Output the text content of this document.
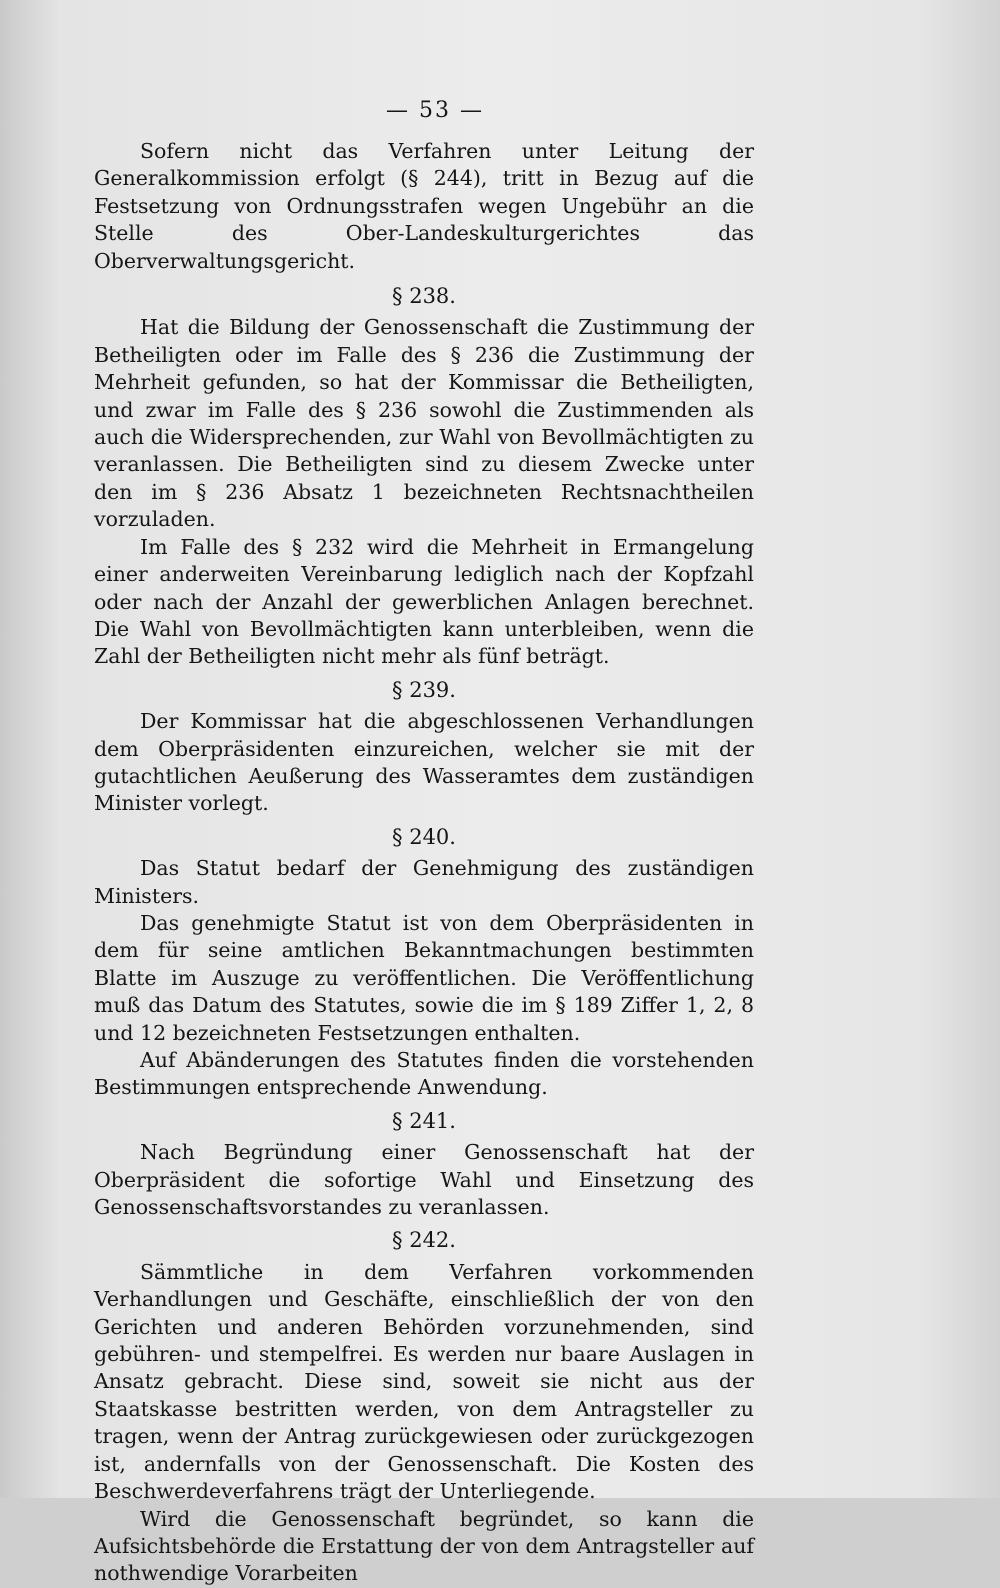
— 53 —

Sofern nicht das Verfahren unter Leitung der Generalkommission erfolgt (§ 244), tritt in Bezug auf die Festsetzung von Ordnungsstrafen wegen Ungebühr an die Stelle des Ober-Landeskulturgerichtes das Oberverwaltungsgericht.

§ 238.

Hat die Bildung der Genossenschaft die Zustimmung der Betheiligten oder im Falle des § 236 die Zustimmung der Mehrheit gefunden, so hat der Kommissar die Betheiligten, und zwar im Falle des § 236 sowohl die Zustimmenden als auch die Widersprechenden, zur Wahl von Bevollmächtigten zu veranlassen. Die Betheiligten sind zu diesem Zwecke unter den im § 236 Absatz 1 bezeichneten Rechtsnachtheilen vorzuladen.

Im Falle des § 232 wird die Mehrheit in Ermangelung einer anderweiten Vereinbarung lediglich nach der Kopfzahl oder nach der Anzahl der gewerblichen Anlagen berechnet. Die Wahl von Bevollmächtigten kann unterbleiben, wenn die Zahl der Betheiligten nicht mehr als fünf beträgt.

§ 239.

Der Kommissar hat die abgeschlossenen Verhandlungen dem Oberpräsidenten einzureichen, welcher sie mit der gutachtlichen Aeußerung des Wasseramtes dem zuständigen Minister vorlegt.

§ 240.

Das Statut bedarf der Genehmigung des zuständigen Ministers.

Das genehmigte Statut ist von dem Oberpräsidenten in dem für seine amtlichen Bekanntmachungen bestimmten Blatte im Auszuge zu veröffentlichen. Die Veröffentlichung muß das Datum des Statutes, sowie die im § 189 Ziffer 1, 2, 8 und 12 bezeichneten Festsetzungen enthalten.

Auf Abänderungen des Statutes finden die vorstehenden Bestimmungen entsprechende Anwendung.

§ 241.

Nach Begründung einer Genossenschaft hat der Oberpräsident die sofortige Wahl und Einsetzung des Genossenschaftsvorstandes zu veranlassen.

§ 242.

Sämmtliche in dem Verfahren vorkommenden Verhandlungen und Geschäfte, einschließlich der von den Gerichten und anderen Behörden vorzunehmenden, sind gebühren- und stempelfrei. Es werden nur baare Auslagen in Ansatz gebracht. Diese sind, soweit sie nicht aus der Staatskasse bestritten werden, von dem Antragsteller zu tragen, wenn der Antrag zurückgewiesen oder zurückgezogen ist, andernfalls von der Genossenschaft. Die Kosten des Beschwerdeverfahrens trägt der Unterliegende.

Wird die Genossenschaft begründet, so kann die Aufsichtsbehörde die Erstattung der von dem Antragsteller auf nothwendige Vorarbeiten
